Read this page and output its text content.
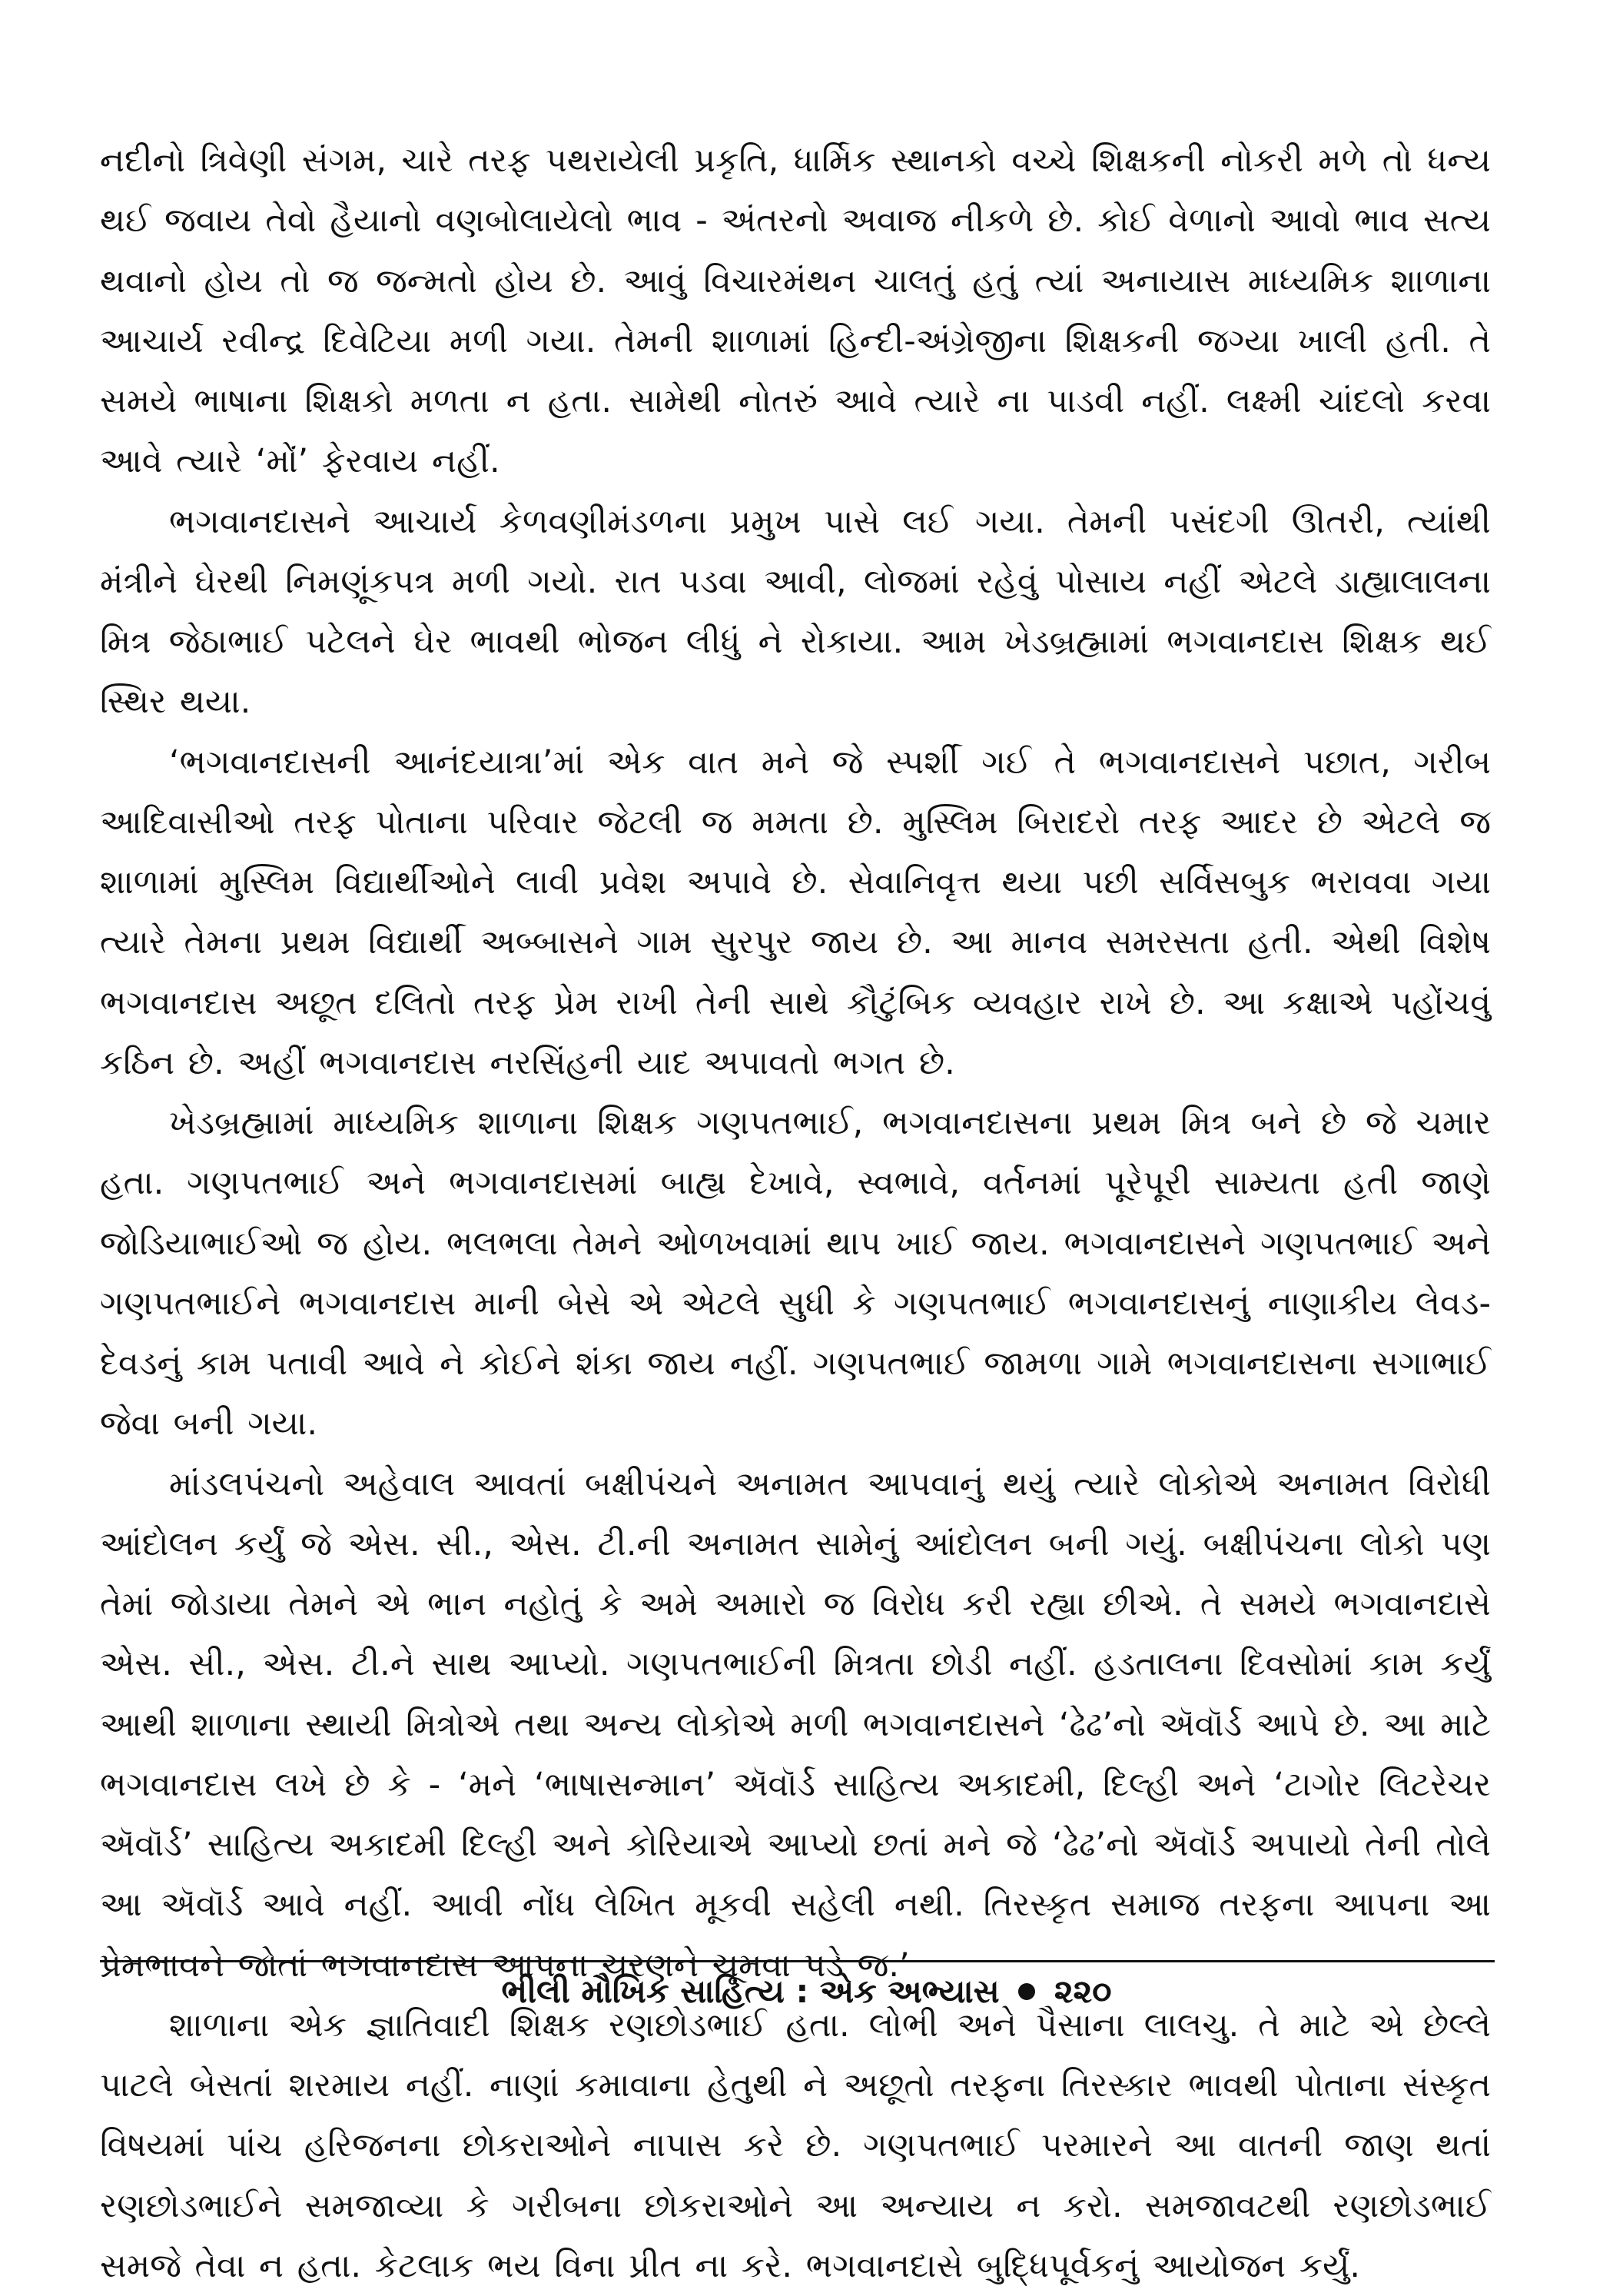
નદીનો ત્રિવેણી સંગમ, ચારે તરફ પથરાયેલી પ્રકૃતિ, ધાર્મિક સ્થાનકો વચ્ચે શિક્ષકની નોકરી મળે તો ધન્ય થઈ જવાય તેવો હૈયાનો વણબોલાયેલો ભાવ - અંતરનો અવાજ નીકળે છે. કોઈ વેળાનો આવો ભાવ સત્ય થવાનો હોય તો જ જન્મતો હોય છે. આવું વિચારમંથન ચાલતું હતું ત્યાં અનાયાસ માધ્યમિક શાળાના આચાર્ય રવીન્દ્ર દિવેટિયા મળી ગયા. તેમની શાળામાં હિન્દી-અંગ્રેજીના શિક્ષકની જગ્યા ખાલી હતી. તે સમયે ભાષાના શિક્ષકો મળતા ન હતા. સામેથી નોતરું આવે ત્યારે ના પાડવી નહીં. લક્ષ્મી ચાંદલો કરવા આવે ત્યારે ‘મોં’ ફેરવાય નહીં.

ભગવાનદાસને આચાર્ય કેળવણીમંડળના પ્રમુખ પાસે લઈ ગયા. તેમની પસંદગી ઊતરી, ત્યાંથી મંત્રીને ઘેરથી નિમણૂંકપત્ર મળી ગયો. રાત પડવા આવી, લોજમાં રહેવું પોસાય નહીં એટલે ડાહ્યાલાલના મિત્ર જેઠાભાઈ પટેલને ઘેર ભાવથી ભોજન લીધું ને રોકાયા. આમ ખેડબ્રહ્મામાં ભગવાનદાસ શિક્ષક થઈ સ્થિર થયા.

‘ભગવાનદાસની આનંદયાત્રા’માં એક વાત મને જે સ્પર્શી ગઈ તે ભગવાનદાસને પછાત, ગરીબ આદિવાસીઓ તરફ પોતાના પરિવાર જેટલી જ મમતા છે. મુસ્લિમ બિરાદરો તરફ આદર છે એટલે જ શાળામાં મુસ્લિમ વિદ્યાર્થીઓને લાવી પ્રવેશ અપાવે છે. સેવાનિવૃત્ત થયા પછી સર્વિસબુક ભરાવવા ગયા ત્યારે તેમના પ્રથમ વિદ્યાર્થી અબ્બાસને ગામ સુરપુર જાય છે. આ માનવ સમરસતા હતી. એથી વિશેષ ભગવાનદાસ અછૂત દલિતો તરફ પ્રેમ રાખી તેની સાથે કૌટુંબિક વ્યવહાર રાખે છે. આ કક્ષાએ પહોંચવું કઠિન છે. અહીં ભગવાનદાસ નરસિંહની યાદ અપાવતો ભગત છે.

ખેડબ્રહ્મામાં માધ્યમિક શાળાના શિક્ષક ગણપતભાઈ, ભગવાનદાસના પ્રથમ મિત્ર બને છે જે ચમાર હતા. ગણપતભાઈ અને ભગવાનદાસમાં બાહ્ય દેખાવે, સ્વભાવે, વર્તનમાં પૂરેપૂરી સામ્યતા હતી જાણે જોડિયાભાઈઓ જ હોય. ભલભલા તેમને ઓળખવામાં થાપ ખાઈ જાય. ભગવાનદાસને ગણપતભાઈ અને ગણપતભાઈને ભગવાનદાસ માની બેસે એ એટલે સુધી કે ગણપતભાઈ ભગવાનદાસનું નાણાકીય લેવડ-દેવડનું કામ પતાવી આવે ને કોઈને શંકા જાય નહીં. ગણપતભાઈ જામળા ગામે ભગવાનદાસના સગાભાઈ જેવા બની ગયા.

માંડલપંચનો અહેવાલ આવતાં બક્ષીપંચને અનામત આપવાનું થયું ત્યારે લોકોએ અનામત વિરોધી આંદોલન કર્યું જે એસ. સી., એસ. ટી.ની અનામત સામેનું આંદોલન બની ગયું. બક્ષીપંચના લોકો પણ તેમાં જોડાયા તેમને એ ભાન નહોતું કે અમે અમારો જ વિરોધ કરી રહ્યા છીએ. તે સમયે ભગવાનદાસે એસ. સી., એસ. ટી.ને સાથ આપ્યો. ગણપતભાઈની મિત્રતા છોડી નહીં. હડતાલના દિવસોમાં કામ કર્યું આથી શાળાના સ્થાયી મિત્રોએ તથા અન્ય લોકોએ મળી ભગવાનદાસને ‘ઢેઢ’નો ઍવૉર્ડ આપે છે. આ માટે ભગવાનદાસ લખે છે કે - ‘મને ‘ભાષાસન્માન’ ઍવૉર્ડ સાહિત્ય અકાદમી, દિલ્હી અને ‘ટાગોર લિટરેચર ઍવૉર્ડ’ સાહિત્ય અકાદમી દિલ્હી અને કોરિયાએ આપ્યો છતાં મને જે ‘ઢેઢ’નો ઍવૉર્ડ અપાયો તેની તોલે આ ઍવૉર્ડ આવે નહીં. આવી નોંધ લેખિત મૂકવી સહેલી નથી. તિરસ્કૃત સમાજ તરફના આપના આ પ્રેમભાવને જોતાં ભગવાનદાસ આપના ચરણને ચૂમવા પડે જ.’

શાળાના એક જ્ઞાતિવાદી શિક્ષક રણછોડભાઈ હતા. લોભી અને પૈસાના લાલચુ. તે માટે એ છેલ્લે પાટલે બેસતાં શરમાય નહીં. નાણાં કમાવાના હેતુથી ને અછૂતો તરફના તિરસ્કાર ભાવથી પોતાના સંસ્કૃત વિષયમાં પાંચ હરિજનના છોકરાઓને નાપાસ કરે છે. ગણપતભાઈ પરમારને આ વાતની જાણ થતાં રણછોડભાઈને સમજાવ્યા કે ગરીબના છોકરાઓને આ અન્યાય ન કરો. સમજાવટથી રણછોડભાઈ સમજે તેવા ન હતા. કેટલાક ભય વિના પ્રીત ના કરે. ભગવાનદાસે બુદ્ધિપૂર્વકનું આયોજન કર્યું.

ભીલી મૌખિક સાહિત્ય : એક અભ્યાસ ૨૨૦
